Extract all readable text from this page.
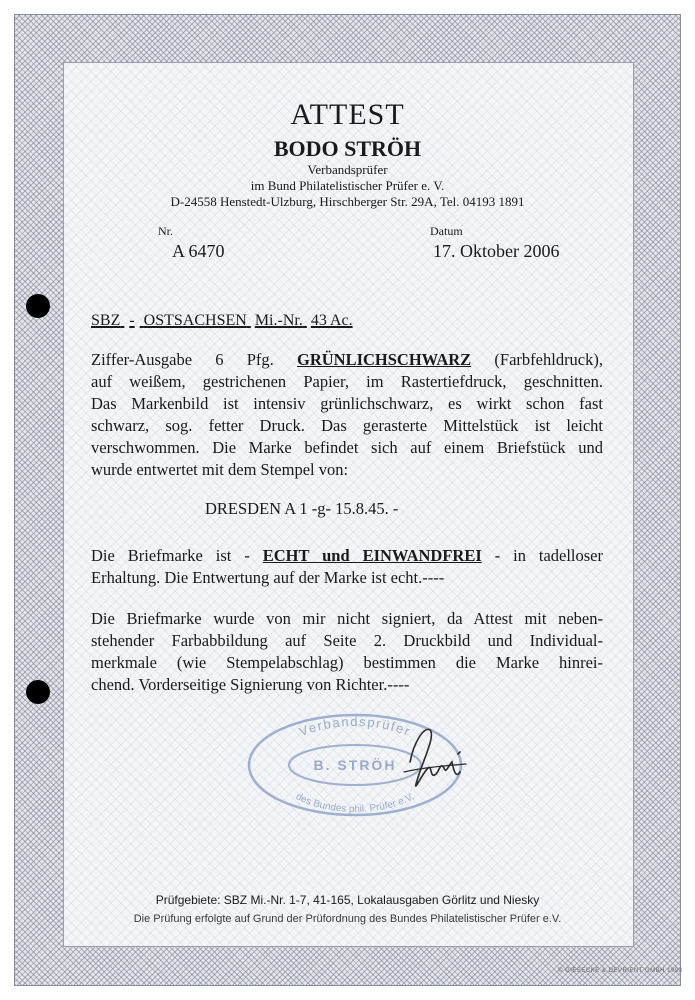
ATTEST
BODO STRÖH
Verbandsprüfer
im Bund Philatelistischer Prüfer e. V.
D-24558 Henstedt-Ulzburg, Hirschberger Str. 29A, Tel. 04193 1891
Nr.
A 6470
Datum
17. Oktober 2006
SBZ - OSTSACHSEN Mi.-Nr. 43 Ac.
Ziffer-Ausgabe 6 Pfg. GRÜNLICHSCHWARZ (Farbfehldruck),
auf weißem, gestrichenen Papier, im Rastertiefdruck, geschnitten.
Das Markenbild ist intensiv grünlichschwarz, es wirkt schon fast
schwarz, sog. fetter Druck. Das gerasterte Mittelstück ist leicht
verschwommen. Die Marke befindet sich auf einem Briefstück und
wurde entwertet mit dem Stempel von:
DRESDEN A 1 -g- 15.8.45. -
Die Briefmarke ist - ECHT und EINWANDFREI - in tadelloser
Erhaltung. Die Entwertung auf der Marke ist echt.----
Die Briefmarke wurde von mir nicht signiert, da Attest mit neben-
stehender Farbabbildung auf Seite 2. Druckbild und Individual-
merkmale (wie Stempelabschlag) bestimmen die Marke hinrei-
chend. Vorderseitige Signierung von Richter.----
Verbandsprüfer
B. STRÖH
des Bundes phil. Prüfer e.V.
Prüfgebiete: SBZ Mi.-Nr. 1-7, 41-165, Lokalausgaben Görlitz und Niesky
Die Prüfung erfolgte auf Grund der Prüfordnung des Bundes Philatelistischer Prüfer e.V.
© GIESECKE & DEVRIENT GMBH 1993
